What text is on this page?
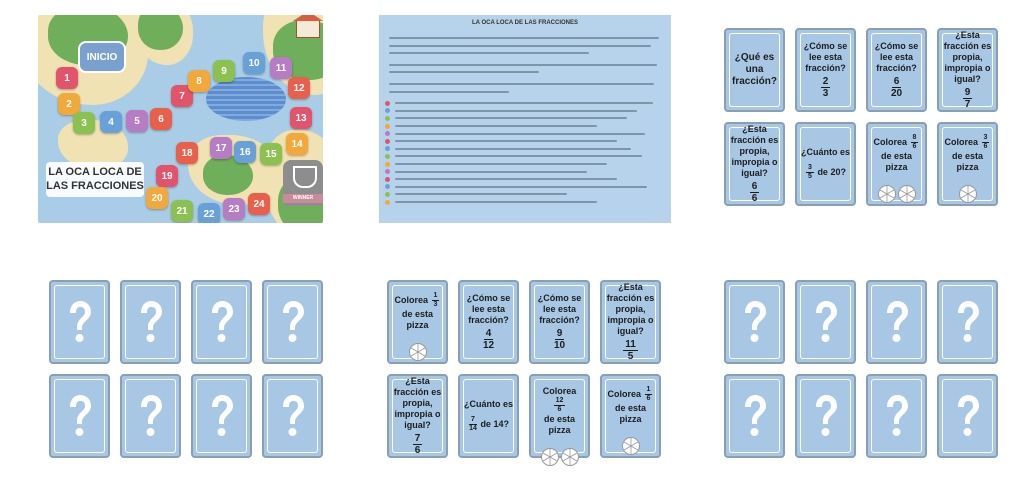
INICIO
1
2
3	4	5	6
7
8
9
10	11
12
13
14
15
16
17
18
19
20
21	22	23	24
LA OCA LOCA DE
LAS FRACCIONES
WINNER
LA OCA LOCA DE LAS FRACCIONES
¿Qué es una fracción?
¿Cómo se lee esta fracción?
$\frac{2}{3}$
¿Cómo se lee esta fracción?
$\frac{6}{20}$
¿Esta fracción es propia, impropia o igual?
$\frac{9}{7}$
¿Esta fracción es propia, impropia o igual?
$\frac{6}{6}$
¿Cuánto es
$\frac{3}{5}$ de 20?
Colorea $\frac{8}{6}$
de esta pizza
Colorea $\frac{3}{6}$
de esta pizza
Colorea $\frac{1}{3}$
de esta pizza
¿Cómo se lee esta fracción?
$\frac{4}{12}$
¿Cómo se lee esta fracción?
$\frac{9}{10}$
¿Esta fracción es propia, impropia o igual?
$\frac{11}{5}$
¿Esta fracción es propia, impropia o igual?
$\frac{7}{6}$
¿Cuánto es
$\frac{7}{14}$ de 14?
Colorea
$\frac{12}{6}$
de esta pizza
Colorea $\frac{1}{6}$
de esta pizza
